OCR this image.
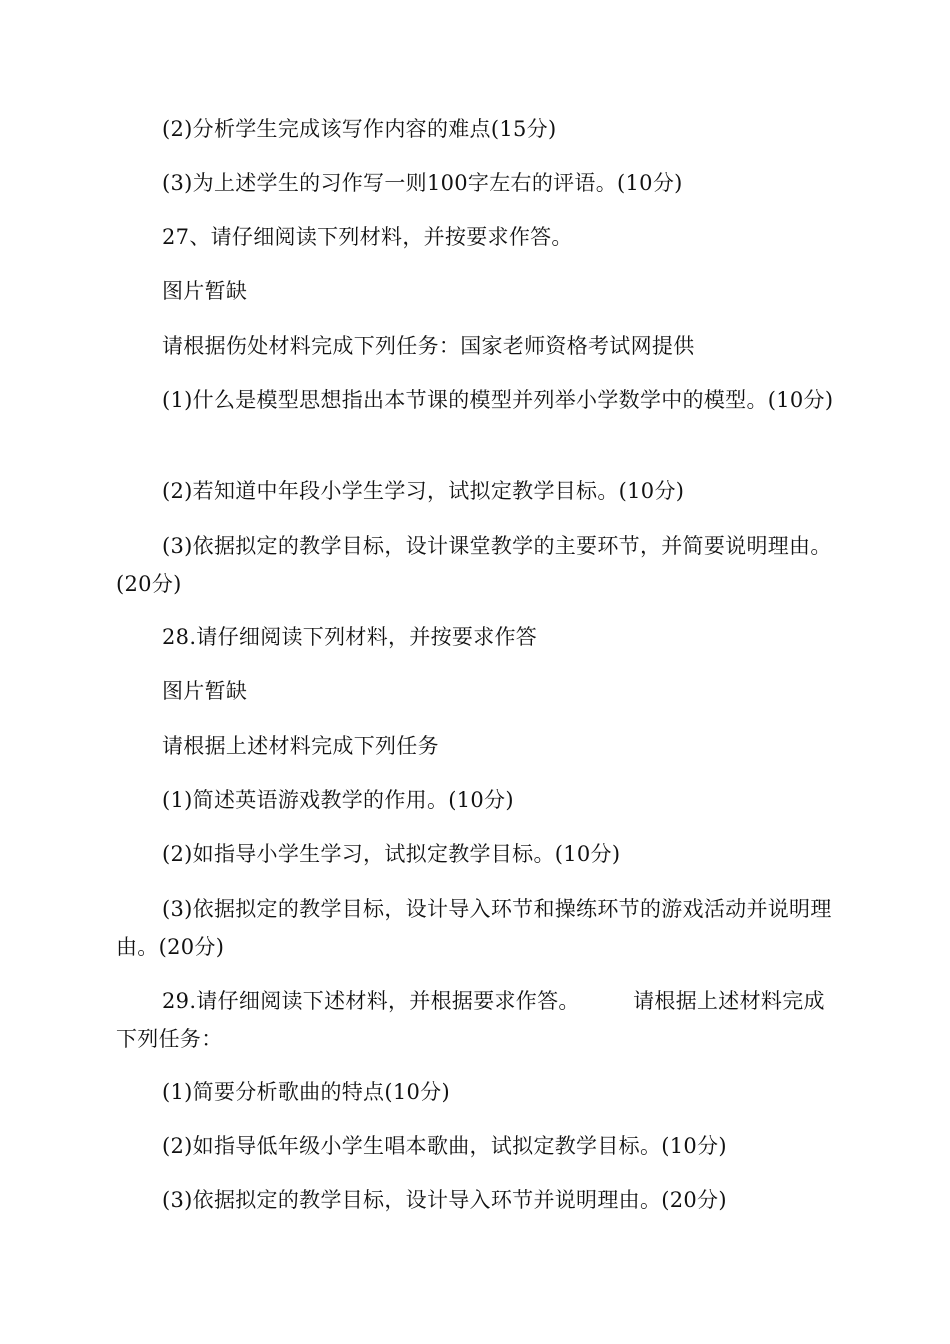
(2)分析学生完成该写作内容的难点(15分)

(3)为上述学生的习作写一则100字左右的评语。(10分)

27、请仔细阅读下列材料，并按要求作答。

图片暂缺

请根据伤处材料完成下列任务：国家老师资格考试网提供

(1)什么是模型思想指出本节课的模型并列举小学数学中的模型。(10分)

(2)若知道中年段小学生学习，试拟定教学目标。(10分)

(3)依据拟定的教学目标，设计课堂教学的主要环节，并简要说明理由。(20分)

28.请仔细阅读下列材料，并按要求作答

图片暂缺

请根据上述材料完成下列任务

(1)简述英语游戏教学的作用。(10分)

(2)如指导小学生学习，试拟定教学目标。(10分)

(3)依据拟定的教学目标，设计导入环节和操练环节的游戏活动并说明理由。(20分)

29.请仔细阅读下述材料，并根据要求作答。　　　请根据上述材料完成下列任务：

(1)简要分析歌曲的特点(10分)

(2)如指导低年级小学生唱本歌曲，试拟定教学目标。(10分)

(3)依据拟定的教学目标，设计导入环节并说明理由。(20分)
